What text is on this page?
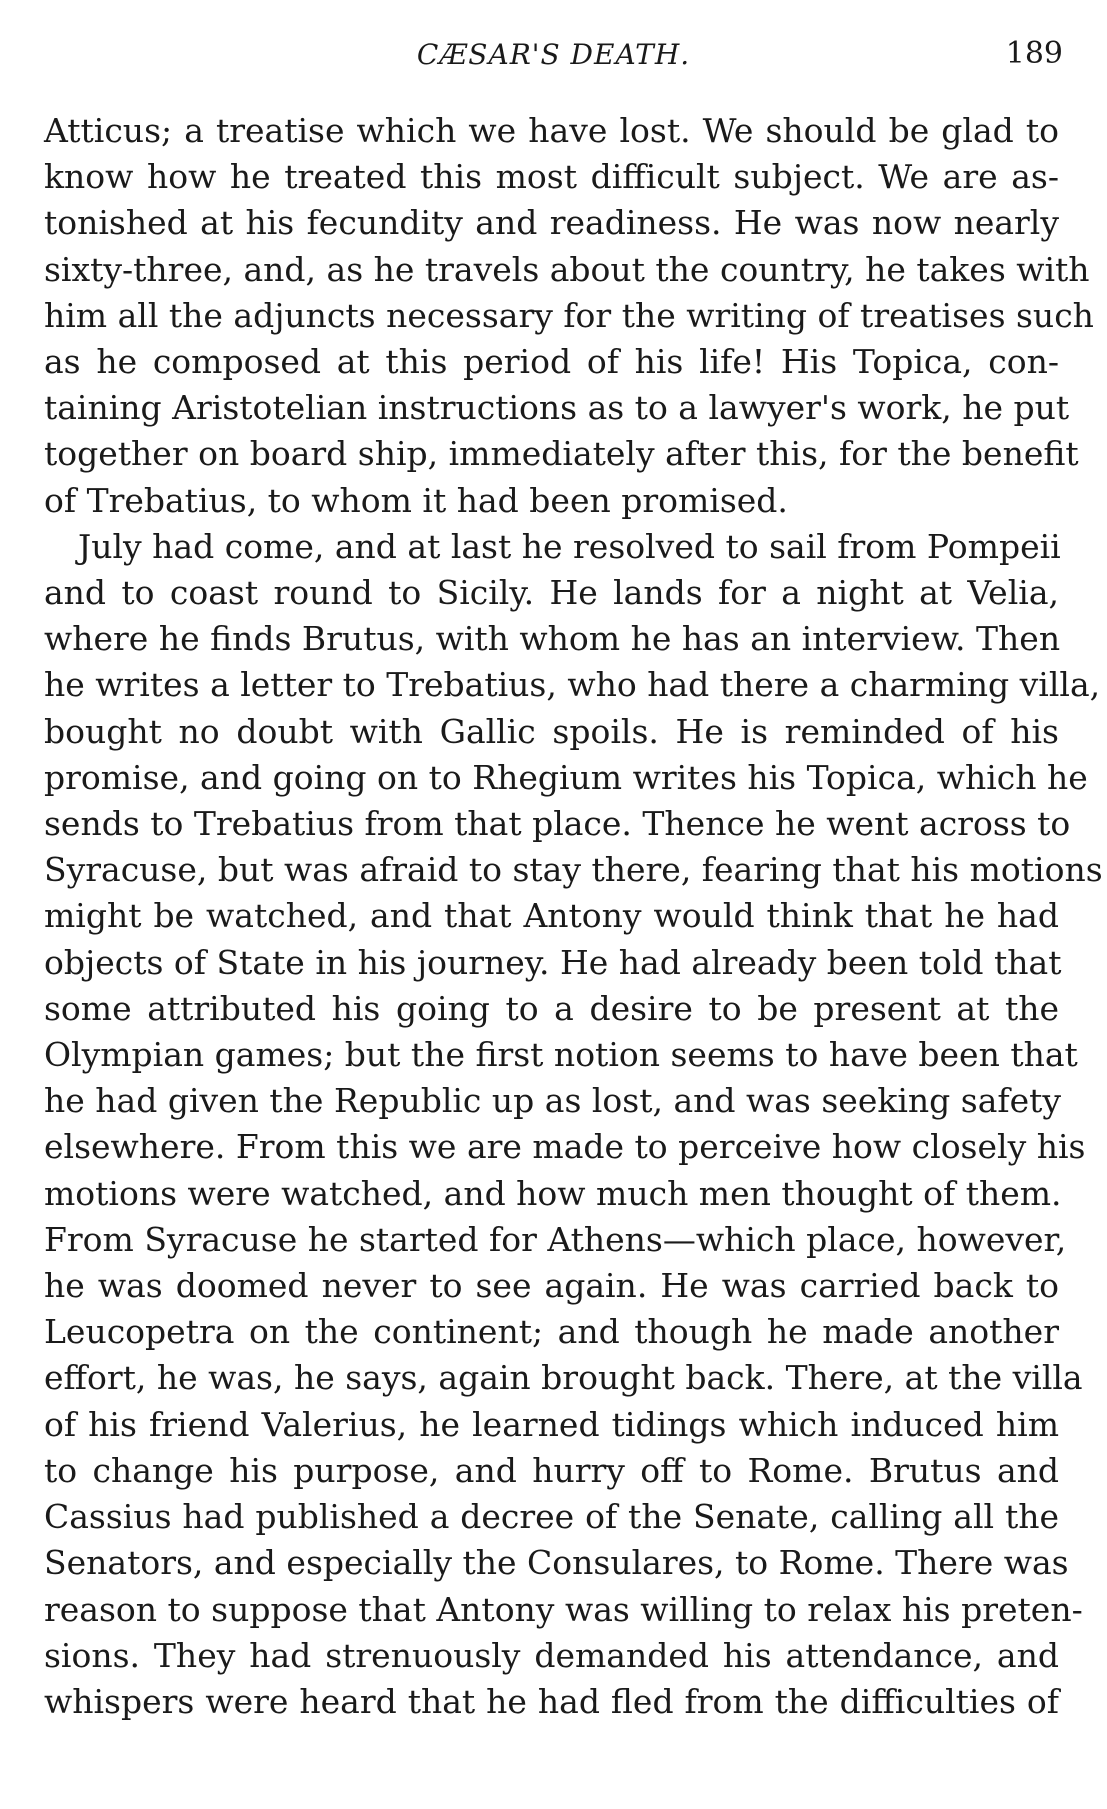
CÆSAR'S DEATH.	189
Atticus; a treatise which we have lost. We should be glad to
know how he treated this most difficult subject. We are as-
tonished at his fecundity and readiness. He was now nearly
sixty-three, and, as he travels about the country, he takes with
him all the adjuncts necessary for the writing of treatises such
as he composed at this period of his life! His Topica, con-
taining Aristotelian instructions as to a lawyer's work, he put
together on board ship, immediately after this, for the benefit
of Trebatius, to whom it had been promised.
July had come, and at last he resolved to sail from Pompeii
and to coast round to Sicily. He lands for a night at Velia,
where he finds Brutus, with whom he has an interview. Then
he writes a letter to Trebatius, who had there a charming villa,
bought no doubt with Gallic spoils. He is reminded of his
promise, and going on to Rhegium writes his Topica, which he
sends to Trebatius from that place. Thence he went across to
Syracuse, but was afraid to stay there, fearing that his motions
might be watched, and that Antony would think that he had
objects of State in his journey. He had already been told that
some attributed his going to a desire to be present at the
Olympian games; but the first notion seems to have been that
he had given the Republic up as lost, and was seeking safety
elsewhere. From this we are made to perceive how closely his
motions were watched, and how much men thought of them.
From Syracuse he started for Athens—which place, however,
he was doomed never to see again. He was carried back to
Leucopetra on the continent; and though he made another
effort, he was, he says, again brought back. There, at the villa
of his friend Valerius, he learned tidings which induced him
to change his purpose, and hurry off to Rome. Brutus and
Cassius had published a decree of the Senate, calling all the
Senators, and especially the Consulares, to Rome. There was
reason to suppose that Antony was willing to relax his preten-
sions. They had strenuously demanded his attendance, and
whispers were heard that he had fled from the difficulties of
